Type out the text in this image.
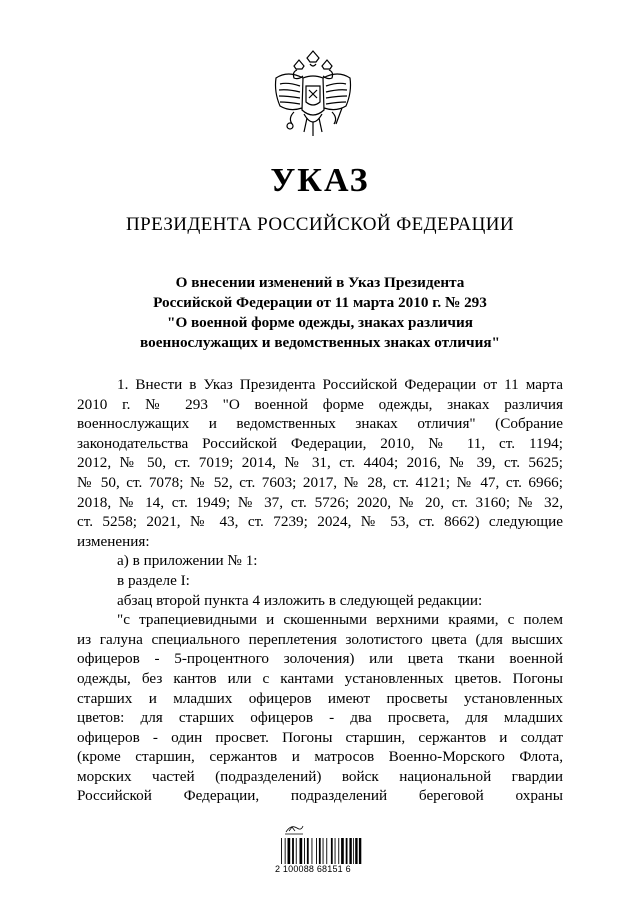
УКАЗ
ПРЕЗИДЕНТА РОССИЙСКОЙ ФЕДЕРАЦИИ
О внесении изменений в Указ Президента
Российской Федерации от 11 марта 2010 г. № 293
"О военной форме одежды, знаках различия
военнослужащих и ведомственных знаках отличия"
1. Внести в Указ Президента Российской Федерации от 11 марта
2010 г. № 293 "О военной форме одежды, знаках различия
военнослужащих и ведомственных знаках отличия" (Собрание
законодательства Российской Федерации, 2010, № 11, ст. 1194;
2012, № 50, ст. 7019; 2014, № 31, ст. 4404; 2016, № 39, ст. 5625;
№ 50, ст. 7078; № 52, ст. 7603; 2017, № 28, ст. 4121; № 47, ст. 6966;
2018, № 14, ст. 1949; № 37, ст. 5726; 2020, № 20, ст. 3160; № 32,
ст. 5258; 2021, № 43, ст. 7239; 2024, № 53, ст. 8662) следующие
изменения:
а) в приложении № 1:
в разделе I:
абзац второй пункта 4 изложить в следующей редакции:
"с трапециевидными и скошенными верхними краями, с полем
из галуна специального переплетения золотистого цвета (для высших
офицеров - 5-процентного золочения) или цвета ткани военной
одежды, без кантов или с кантами установленных цветов. Погоны
старших и младших офицеров имеют просветы установленных
цветов: для старших офицеров - два просвета, для младших
офицеров - один просвет. Погоны старшин, сержантов и солдат
(кроме старшин, сержантов и матросов Военно-Морского Флота,
морских частей (подразделений) войск национальной гвардии
Российской Федерации, подразделений береговой охраны
2 100088 68151 6
